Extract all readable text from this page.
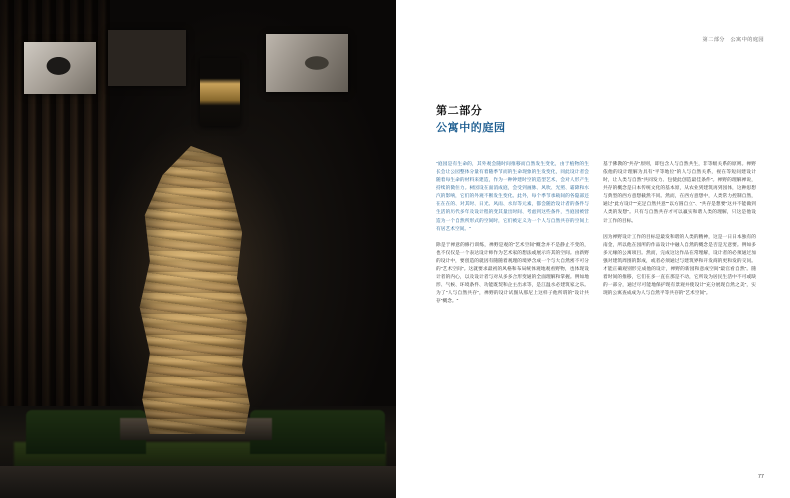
第二部分　公寓中的庭园
第二部分
公寓中的庭园

"庭园是有生命的，其外观会随时间推移而自然发生变化，由于植物的生长会让公园整体分量有着随季节而的生命现象的生发变化，同此设计者会随着每生命的材料来建造，作为一种钟建时空的造型艺术，会对人形产生持续的微住力。树园设在面消成庭，会受到画脉、风吹、光照、霜降和水汽的影响，它们的外观不断发生变化。此外，每个季节承载间的各隐部还在在在的、对其时、日光、风雨、水岸等元素，都会随治设计者的条件与生活的历代多年及设计程的变其量出时间、考虑到这些条件，当庭园被营造为一个自然所形式的空间时，它们被定义为一个人与自然共存的空间上有居艺术空间。"

除是于禅意的修行训练，禅野是观的"艺术空间"概念并不是静止不变的，也不仅仅是一个表达设计师作为艺术家的想法或展示许其的空间。由新野的设计中，要创造的就因有随随着观理的境界含成一个与大自然密不可分的"艺术空间"。这就要求最初的风格和布局统体观地观看野物，也体现设计者的内心，以及设计者与对从多多合形变通的全面理解和掌握。例如地形、气候、环境条件、功能既契和企主出求等，是江温水必建筑家之乐。为了"人与自然共存"，禅野的设计试图从那尼上这样子他所谓的"设计共存"概念。"

基于佛教的"共存"原则，即包含人与自然共生，非等级关系的原则。禅野依他的设计理解为具有"平等地位"的人与自然关系，视在等短问建设计时，让人类与自然"共同发力、包使此创造最佳条件"。禅野的理解禅说，共存的概念是日本传统文化的基本原，从农业到建筑再到园体，这种思想与典型的西方意想截然不同。然而，在西方意想中，人类常力控制自然，通过"此方设计""充足自然共意""以方圆自立"、"共存是想要"这并不能做到人类的发想"。只有与自然共存才可以赢实和谐人类的理解，只这是他设计工作的目标。

因为禅野设计工作的目标是最发和谐的人类的精神，这是一日日本独有的南金，所以他在园所的作品设计中融人自然的概念是否是无意要。例如多多元缘的公寓项目。然而，完成这这作品在常埋解，设计者的必须通过加强对建筑周围的影成，或者必须通过与建筑界和开发商的更和发的交问。才能正确观别形完成他的设计，禅野的新园和意成空间"最官看自然"。随着时间的推移，它们在多一直在那是不动，它所设为居民生活中不可或缺的一部分，通过尽可能地保护现有景观并使设计"充分展现自然之美"，实现的公寓查成成为人与自然平等共存的"艺术空间"。

77
